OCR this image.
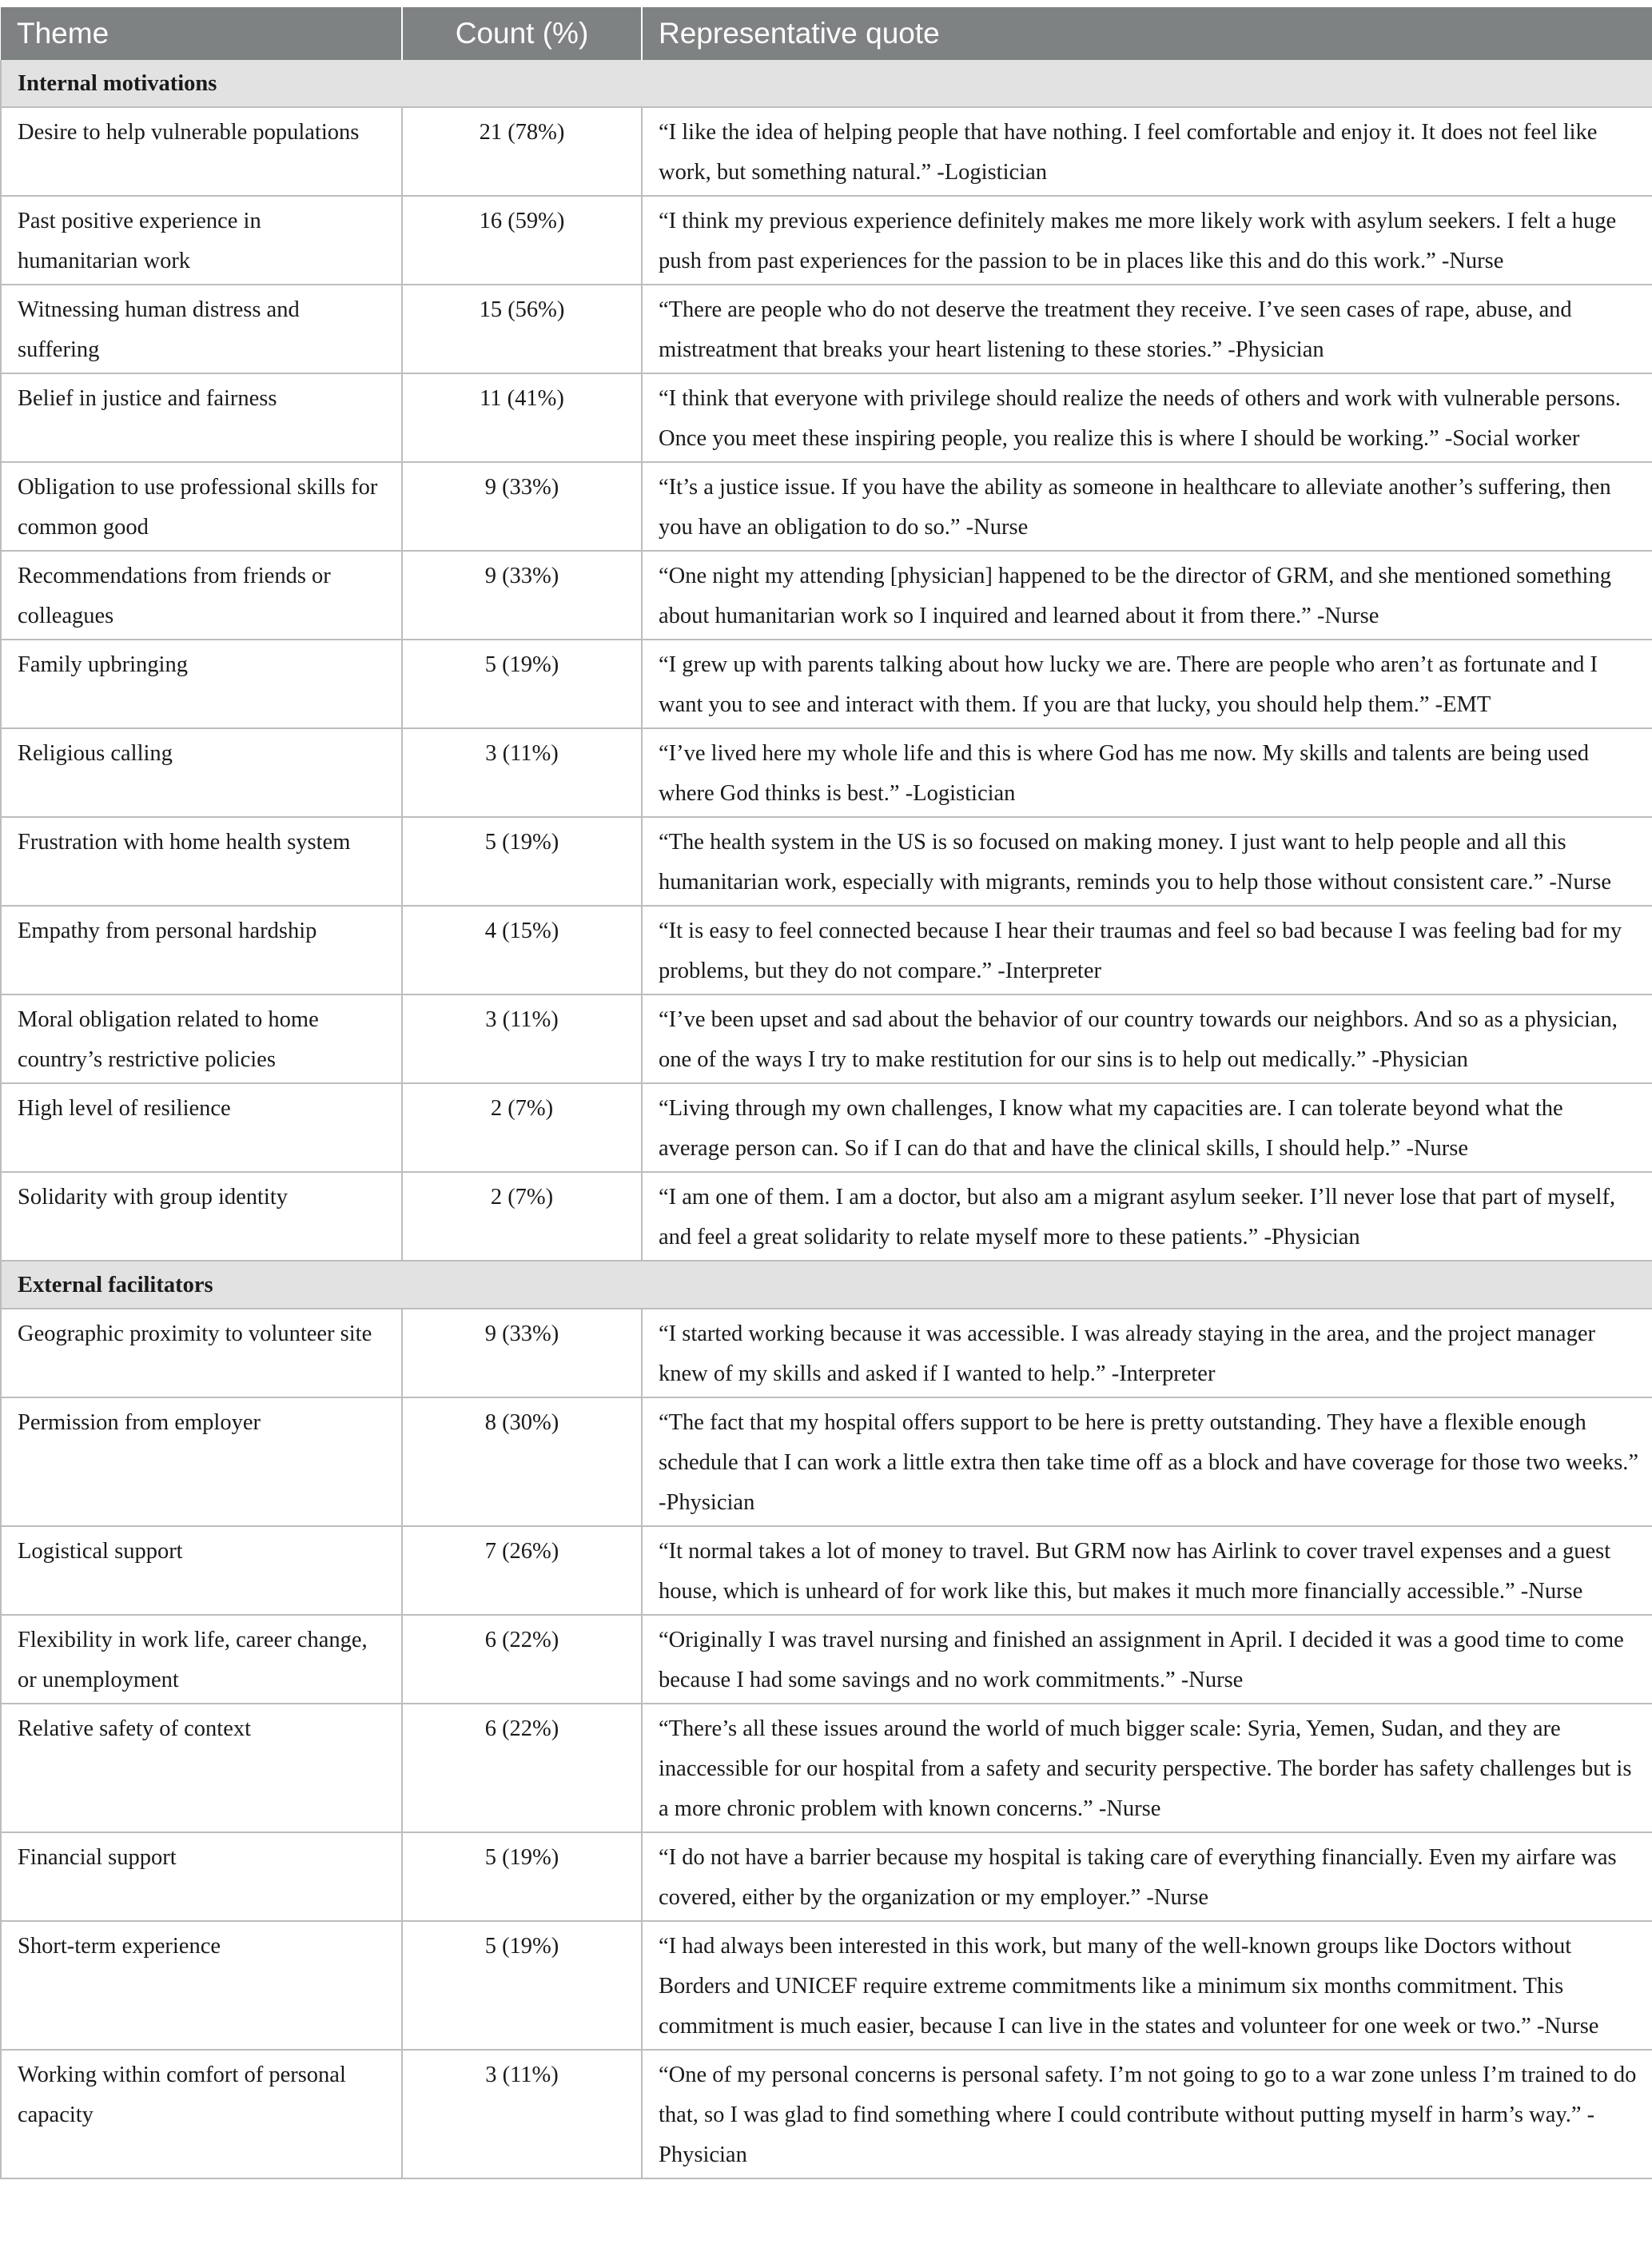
Theme	Count (%)	Representative quote
Internal motivations		
Desire to help vulnerable populations	21 (78%)	“I like the idea of helping people that have nothing. I feel comfortable and enjoy it. It does not feel like work, but something natural.” -Logistician
Past positive experience in humanitarian work	16 (59%)	“I think my previous experience definitely makes me more likely work with asylum seekers. I felt a huge push from past experiences for the passion to be in places like this and do this work.” -Nurse
Witnessing human distress and suffering	15 (56%)	“There are people who do not deserve the treatment they receive. I’ve seen cases of rape, abuse, and mistreatment that breaks your heart listening to these stories.” -Physician
Belief in justice and fairness	11 (41%)	“I think that everyone with privilege should realize the needs of others and work with vulnerable persons. Once you meet these inspiring people, you realize this is where I should be working.” -Social worker
Obligation to use professional skills for common good	9 (33%)	“It’s a justice issue. If you have the ability as someone in healthcare to alleviate another’s suffering, then you have an obligation to do so.” -Nurse
Recommendations from friends or colleagues	9 (33%)	“One night my attending [physician] happened to be the director of GRM, and she mentioned something about humanitarian work so I inquired and learned about it from there.” -Nurse
Family upbringing	5 (19%)	“I grew up with parents talking about how lucky we are. There are people who aren’t as fortunate and I want you to see and interact with them. If you are that lucky, you should help them.” -EMT
Religious calling	3 (11%)	“I’ve lived here my whole life and this is where God has me now. My skills and talents are being used where God thinks is best.” -Logistician
Frustration with home health system	5 (19%)	“The health system in the US is so focused on making money. I just want to help people and all this humanitarian work, especially with migrants, reminds you to help those without consistent care.” -Nurse
Empathy from personal hardship	4 (15%)	“It is easy to feel connected because I hear their traumas and feel so bad because I was feeling bad for my problems, but they do not compare.” -Interpreter
Moral obligation related to home country’s restrictive policies	3 (11%)	“I’ve been upset and sad about the behavior of our country towards our neighbors. And so as a physician, one of the ways I try to make restitution for our sins is to help out medically.” -Physician
High level of resilience	2 (7%)	“Living through my own challenges, I know what my capacities are. I can tolerate beyond what the average person can. So if I can do that and have the clinical skills, I should help.” -Nurse
Solidarity with group identity	2 (7%)	“I am one of them. I am a doctor, but also am a migrant asylum seeker. I’ll never lose that part of myself, and feel a great solidarity to relate myself more to these patients.” -Physician
External facilitators		
Geographic proximity to volunteer site	9 (33%)	“I started working because it was accessible. I was already staying in the area, and the project manager knew of my skills and asked if I wanted to help.” -Interpreter
Permission from employer	8 (30%)	“The fact that my hospital offers support to be here is pretty outstanding. They have a flexible enough schedule that I can work a little extra then take time off as a block and have coverage for those two weeks.” -Physician
Logistical support	7 (26%)	“It normal takes a lot of money to travel. But GRM now has Airlink to cover travel expenses and a guest house, which is unheard of for work like this, but makes it much more financially accessible.” -Nurse
Flexibility in work life, career change, or unemployment	6 (22%)	“Originally I was travel nursing and finished an assignment in April. I decided it was a good time to come because I had some savings and no work commitments.” -Nurse
Relative safety of context	6 (22%)	“There’s all these issues around the world of much bigger scale: Syria, Yemen, Sudan, and they are inaccessible for our hospital from a safety and security perspective. The border has safety challenges but is a more chronic problem with known concerns.” -Nurse
Financial support	5 (19%)	“I do not have a barrier because my hospital is taking care of everything financially. Even my airfare was covered, either by the organization or my employer.” -Nurse
Short-term experience	5 (19%)	“I had always been interested in this work, but many of the well-known groups like Doctors without Borders and UNICEF require extreme commitments like a minimum six months commitment. This commitment is much easier, because I can live in the states and volunteer for one week or two.” -Nurse
Working within comfort of personal capacity	3 (11%)	“One of my personal concerns is personal safety. I’m not going to go to a war zone unless I’m trained to do that, so I was glad to find something where I could contribute without putting myself in harm’s way.” -Physician
